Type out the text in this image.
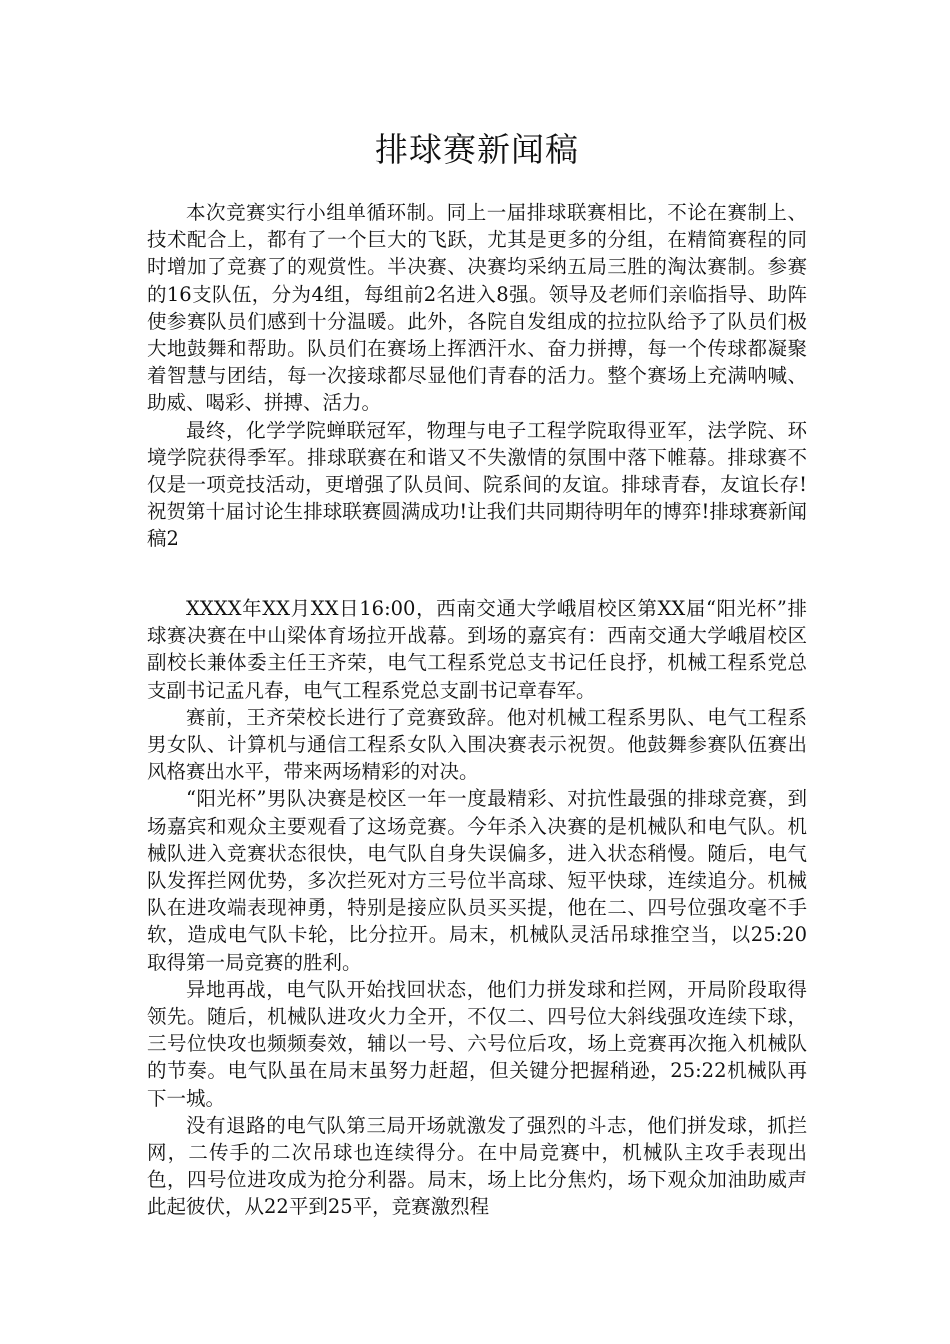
排球赛新闻稿

本次竞赛实行小组单循环制。同上一届排球联赛相比，不论在赛制上、技术配合上，都有了一个巨大的飞跃，尤其是更多的分组，在精简赛程的同时增加了竞赛了的观赏性。半决赛、决赛均采纳五局三胜的淘汰赛制。参赛的16支队伍，分为4组，每组前2名进入8强。领导及老师们亲临指导、助阵使参赛队员们感到十分温暖。此外，各院自发组成的拉拉队给予了队员们极大地鼓舞和帮助。队员们在赛场上挥洒汗水、奋力拼搏，每一个传球都凝聚着智慧与团结，每一次接球都尽显他们青春的活力。整个赛场上充满呐喊、助威、喝彩、拼搏、活力。

最终，化学学院蝉联冠军，物理与电子工程学院取得亚军，法学院、环境学院获得季军。排球联赛在和谐又不失激情的氛围中落下帷幕。排球赛不仅是一项竞技活动，更增强了队员间、院系间的友谊。排球青春，友谊长存!祝贺第十届讨论生排球联赛圆满成功!让我们共同期待明年的博弈!排球赛新闻稿2

XXXX年XX月XX日16:00，西南交通大学峨眉校区第XX届“阳光杯”排球赛决赛在中山梁体育场拉开战幕。到场的嘉宾有：西南交通大学峨眉校区副校长兼体委主任王齐荣，电气工程系党总支书记任良抒，机械工程系党总支副书记孟凡春，电气工程系党总支副书记章春军。

赛前，王齐荣校长进行了竞赛致辞。他对机械工程系男队、电气工程系男女队、计算机与通信工程系女队入围决赛表示祝贺。他鼓舞参赛队伍赛出风格赛出水平，带来两场精彩的对决。

“阳光杯”男队决赛是校区一年一度最精彩、对抗性最强的排球竞赛，到场嘉宾和观众主要观看了这场竞赛。今年杀入决赛的是机械队和电气队。机械队进入竞赛状态很快，电气队自身失误偏多，进入状态稍慢。随后，电气队发挥拦网优势，多次拦死对方三号位半高球、短平快球，连续追分。机械队在进攻端表现神勇，特别是接应队员买买提，他在二、四号位强攻毫不手软，造成电气队卡轮，比分拉开。局末，机械队灵活吊球推空当，以25:20取得第一局竞赛的胜利。

异地再战，电气队开始找回状态，他们力拼发球和拦网，开局阶段取得领先。随后，机械队进攻火力全开，不仅二、四号位大斜线强攻连续下球，三号位快攻也频频奏效，辅以一号、六号位后攻，场上竞赛再次拖入机械队的节奏。电气队虽在局末虽努力赶超，但关键分把握稍逊，25:22机械队再下一城。

没有退路的电气队第三局开场就激发了强烈的斗志，他们拼发球，抓拦网，二传手的二次吊球也连续得分。在中局竞赛中，机械队主攻手表现出色，四号位进攻成为抢分利器。局末，场上比分焦灼，场下观众加油助威声此起彼伏，从22平到25平，竞赛激烈程
